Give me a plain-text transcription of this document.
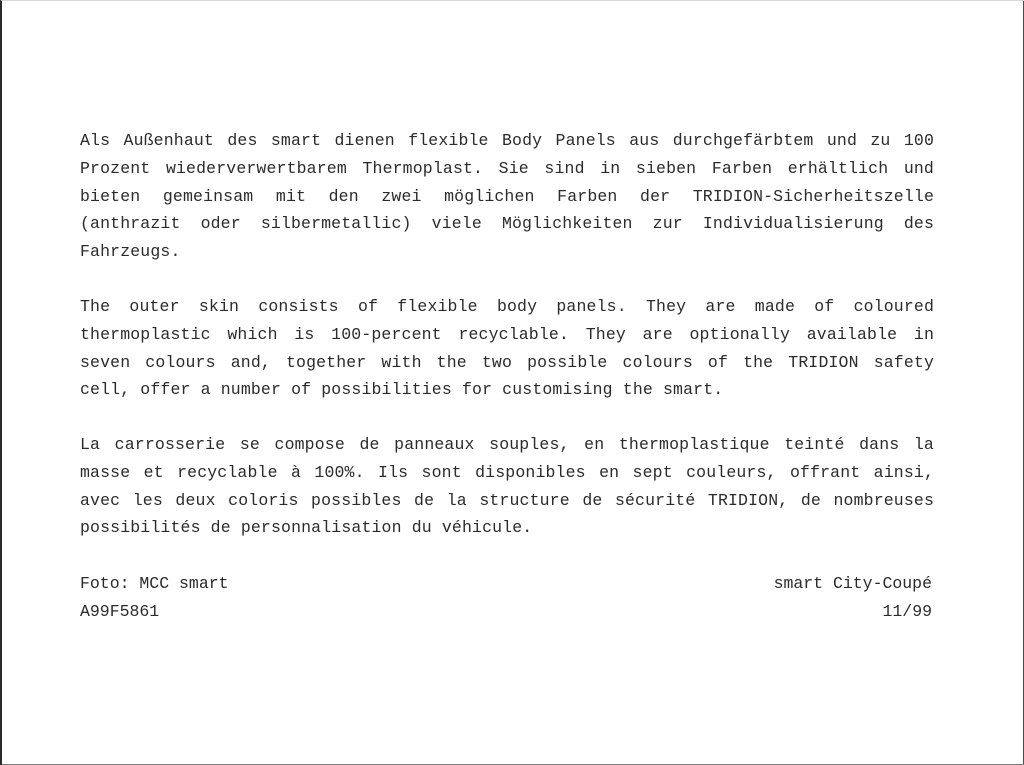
Als Außenhaut des smart dienen flexible Body Panels aus durchgefärbtem und zu 100 Prozent wiederverwertbarem Thermoplast. Sie sind in sieben Farben erhältlich und bieten gemeinsam mit den zwei möglichen Farben der TRIDION-Sicherheitszelle (anthrazit oder silbermetallic) viele Möglichkeiten zur Individualisierung des Fahrzeugs.

The outer skin consists of flexible body panels. They are made of coloured thermoplastic which is 100-percent recyclable. They are optionally available in seven colours and, together with the two possible colours of the TRIDION safety cell, offer a number of possibilities for customising the smart.

La carrosserie se compose de panneaux souples, en thermoplastique teinté dans la masse et recyclable à 100%. Ils sont disponibles en sept couleurs, offrant ainsi, avec les deux coloris possibles de la structure de sécurité TRIDION, de nombreuses possibilités de personnalisation du véhicule.

Foto: MCC smart
A99F5861
smart City-Coupé
11/99
